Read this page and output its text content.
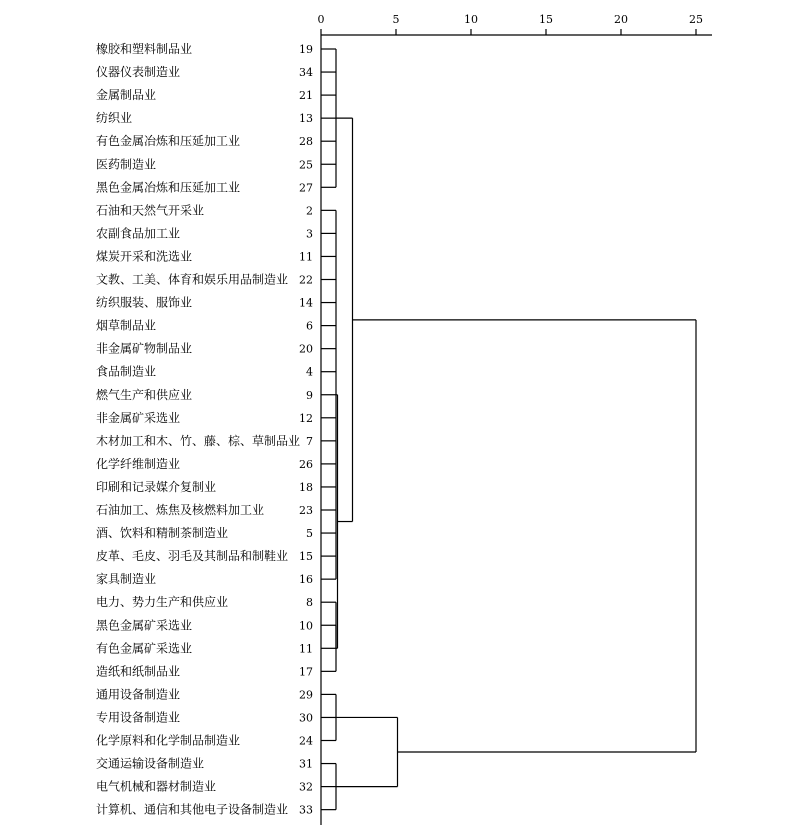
0	5	10	15	20	25
橡胶和塑料制品业	19
仪器仪表制造业	34
金属制品业	21
纺织业	13
有色金属冶炼和压延加工业	28
医药制造业	25
黑色金属冶炼和压延加工业	27
石油和天然气开采业	2
农副食品加工业	3
煤炭开采和洗选业	11
文教、工美、体育和娱乐用品制造业 22
纺织服装、服饰业	14
烟草制品业	6
非金属矿物制品业	20
食品制造业	4
燃气生产和供应业	9
非金属矿采选业	12
木材加工和木、竹、藤、棕、草制品业 7
化学纤维制造业	26
印刷和记录媒介复制业	18
石油加工、炼焦及核燃料加工业	23
酒、饮料和精制茶制造业	5
皮革、毛皮、羽毛及其制品和制鞋业 15
家具制造业	16
电力、势力生产和供应业	8
黑色金属矿采选业	10
有色金属矿采选业	11
造纸和纸制品业	17
通用设备制造业	29
专用设备制造业	30
化学原料和化学制品制造业	24
交通运输设备制造业	31
电气机械和器材制造业	32
计算机、通信和其他电子设备制造业 33
